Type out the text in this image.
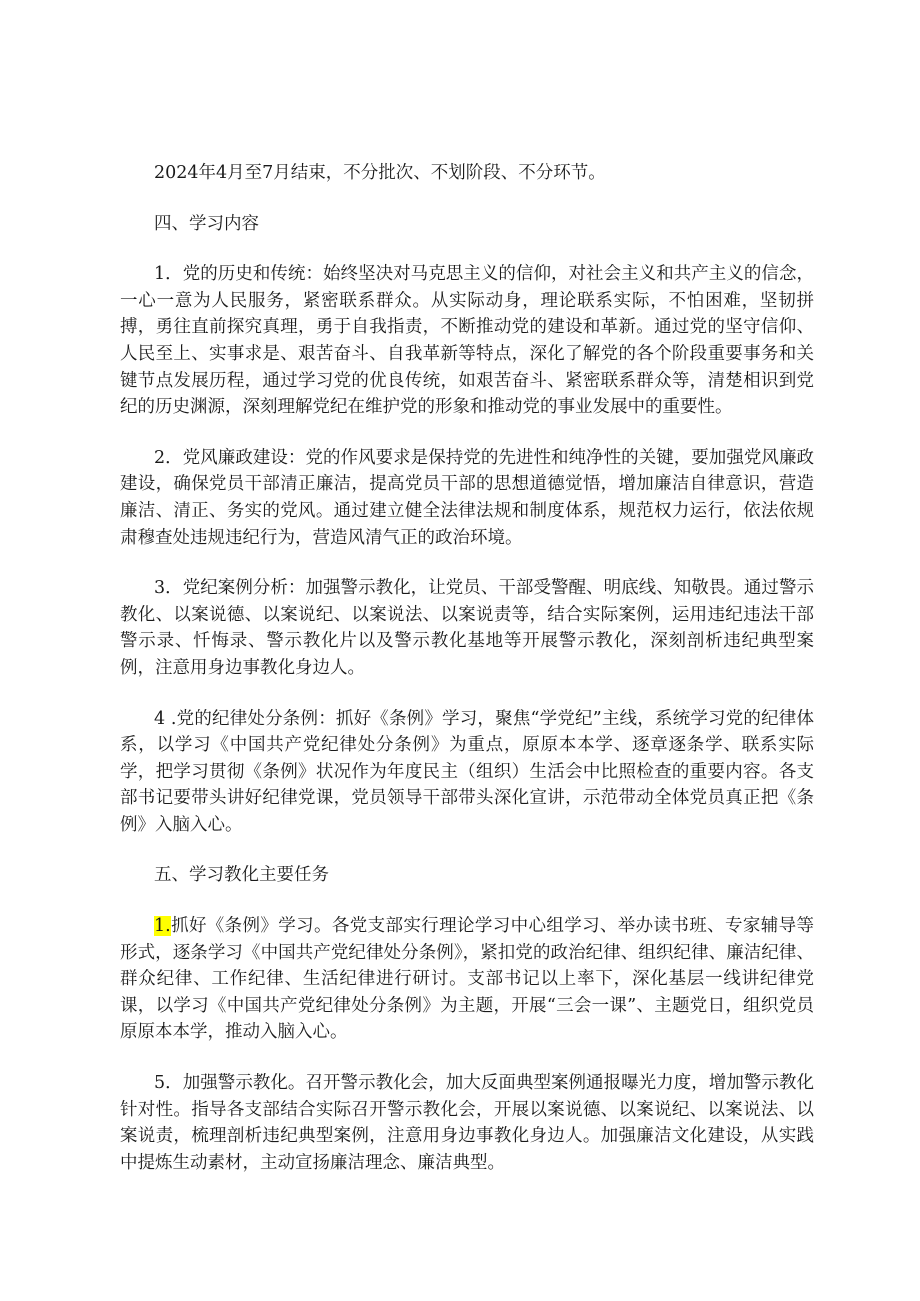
2024年4月至7月结束，不分批次、不划阶段、不分环节。

四、学习内容

1．党的历史和传统：始终坚决对马克思主义的信仰，对社会主义和共产主义的信念，一心一意为人民服务，紧密联系群众。从实际动身，理论联系实际，不怕困难，坚韧拼搏，勇往直前探究真理，勇于自我指责，不断推动党的建设和革新。通过党的坚守信仰、人民至上、实事求是、艰苦奋斗、自我革新等特点，深化了解党的各个阶段重要事务和关键节点发展历程，通过学习党的优良传统，如艰苦奋斗、紧密联系群众等，清楚相识到党纪的历史渊源，深刻理解党纪在维护党的形象和推动党的事业发展中的重要性。

2．党风廉政建设：党的作风要求是保持党的先进性和纯净性的关键，要加强党风廉政建设，确保党员干部清正廉洁，提高党员干部的思想道德觉悟，增加廉洁自律意识，营造廉洁、清正、务实的党风。通过建立健全法律法规和制度体系，规范权力运行，依法依规肃穆查处违规违纪行为，营造风清气正的政治环境。

3．党纪案例分析：加强警示教化，让党员、干部受警醒、明底线、知敬畏。通过警示教化、以案说德、以案说纪、以案说法、以案说责等，结合实际案例，运用违纪违法干部警示录、忏悔录、警示教化片以及警示教化基地等开展警示教化，深刻剖析违纪典型案例，注意用身边事教化身边人。

4 .党的纪律处分条例：抓好《条例》学习，聚焦“学党纪”主线，系统学习党的纪律体系，以学习《中国共产党纪律处分条例》为重点，原原本本学、逐章逐条学、联系实际学，把学习贯彻《条例》状况作为年度民主（组织）生活会中比照检查的重要内容。各支部书记要带头讲好纪律党课，党员领导干部带头深化宣讲，示范带动全体党员真正把《条例》入脑入心。

五、学习教化主要任务

1.抓好《条例》学习。各党支部实行理论学习中心组学习、举办读书班、专家辅导等形式，逐条学习《中国共产党纪律处分条例》，紧扣党的政治纪律、组织纪律、廉洁纪律、群众纪律、工作纪律、生活纪律进行研讨。支部书记以上率下，深化基层一线讲纪律党课，以学习《中国共产党纪律处分条例》为主题，开展“三会一课”、主题党日，组织党员原原本本学，推动入脑入心。

5．加强警示教化。召开警示教化会，加大反面典型案例通报曝光力度，增加警示教化针对性。指导各支部结合实际召开警示教化会，开展以案说德、以案说纪、以案说法、以案说责，梳理剖析违纪典型案例，注意用身边事教化身边人。加强廉洁文化建设，从实践中提炼生动素材，主动宣扬廉洁理念、廉洁典型。
